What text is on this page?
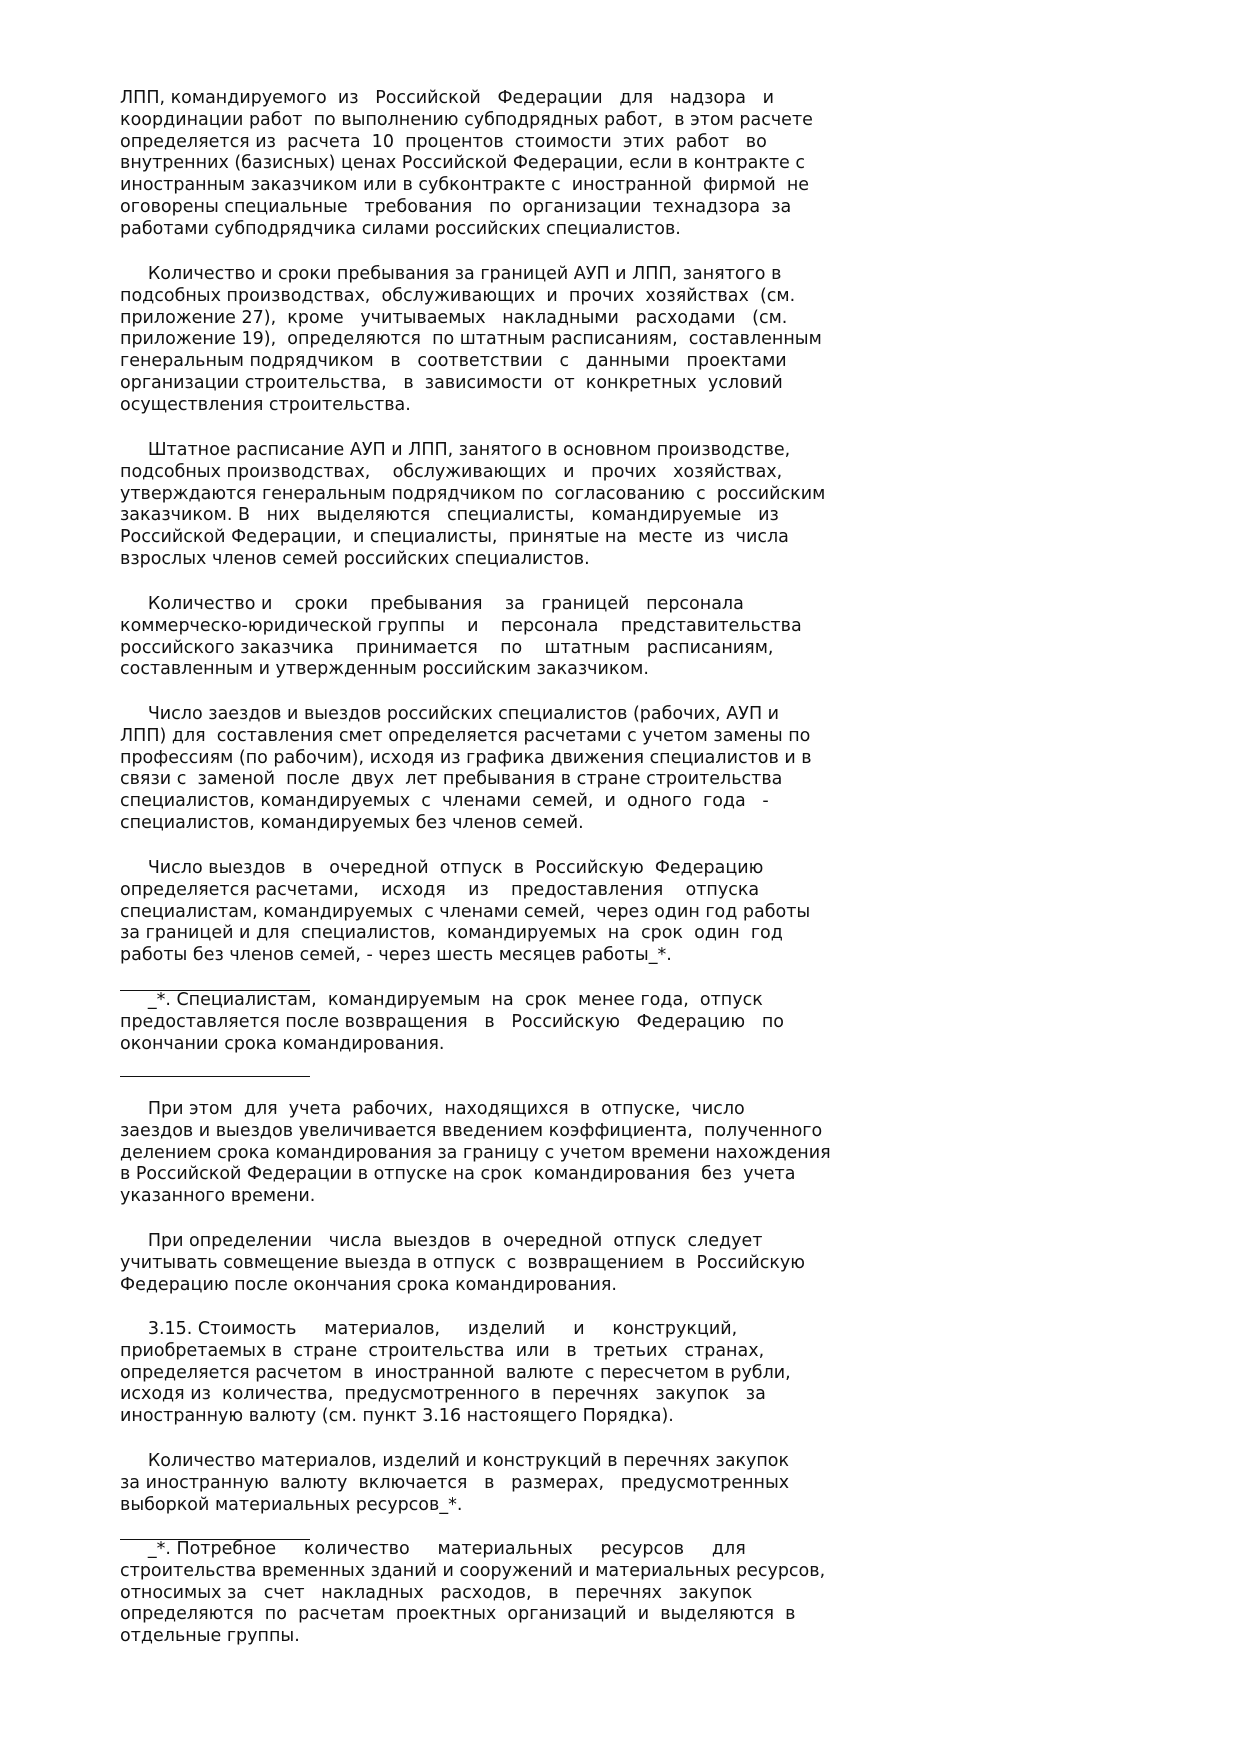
ЛПП, командируемого  из   Российской   Федерации   для   надзора   и
координации работ  по выполнению субподрядных работ,  в этом расчете
определяется из  расчета  10  процентов  стоимости  этих  работ   во
внутренних (базисных) ценах Российской Федерации, если в контракте с
иностранным заказчиком или в субконтракте с  иностранной  фирмой  не
оговорены специальные   требования   по  организации  технадзора  за
работами субподрядчика силами российских специалистов.
Количество и сроки пребывания за границей АУП и ЛПП, занятого в
подсобных производствах,  обслуживающих  и  прочих  хозяйствах  (см.
приложение 27),  кроме   учитываемых   накладными   расходами   (см.
приложение 19),  определяются  по штатным расписаниям,  составленным
генеральным подрядчиком   в   соответствии   с   данными   проектами
организации строительства,   в  зависимости  от  конкретных  условий
осуществления строительства.
Штатное расписание АУП и ЛПП, занятого в основном производстве,
подсобных производствах,    обслуживающих   и   прочих   хозяйствах,
утверждаются генеральным подрядчиком по  согласованию  с  российским
заказчиком. В   них   выделяются   специалисты,   командируемые   из
Российской Федерации,  и специалисты,  принятые на  месте  из  числа
взрослых членов семей российских специалистов.
Количество и    сроки    пребывания    за   границей   персонала
коммерческо-юридической группы    и    персонала    представительства
российского заказчика    принимается    по    штатным   расписаниям,
составленным и утвержденным российским заказчиком.
Число заездов и выездов российских специалистов (рабочих, АУП и
ЛПП) для  составления смет определяется расчетами с учетом замены по
профессиям (по рабочим), исходя из графика движения специалистов и в
связи с  заменой  после  двух  лет пребывания в стране строительства
специалистов, командируемых  с  членами  семей,  и  одного  года   -
специалистов, командируемых без членов семей.
Число выездов   в   очередной  отпуск  в  Российскую  Федерацию
определяется расчетами,    исходя    из    предоставления    отпуска
специалистам, командируемых  с членами семей,  через один год работы
за границей и для  специалистов,  командируемых  на  срок  один  год
работы без членов семей, - через шесть месяцев работы_*.
_*. Специалистам,  командируемым  на  срок  менее года,  отпуск
предоставляется после возвращения   в   Российскую   Федерацию   по
окончании срока командирования.
При этом  для  учета  рабочих,  находящихся  в  отпуске,  число
заездов и выездов увеличивается введением коэффициента,  полученного
делением срока командирования за границу с учетом времени нахождения
в Российской Федерации в отпуске на срок  командирования  без  учета
указанного времени.
При определении   числа  выездов  в  очередной  отпуск  следует
учитывать совмещение выезда в отпуск  с  возвращением  в  Российскую
Федерацию после окончания срока командирования.
3.15. Стоимость     материалов,     изделий     и     конструкций,
приобретаемых в  стране  строительства  или   в   третьих   странах,
определяется расчетом  в  иностранной  валюте  с пересчетом в рубли,
исходя из  количества,  предусмотренного  в  перечнях   закупок   за
иностранную валюту (см. пункт 3.16 настоящего Порядка).
Количество материалов, изделий и конструкций в перечнях закупок
за иностранную  валюту  включается   в   размерах,   предусмотренных
выборкой материальных ресурсов_*.
_*. Потребное     количество     материальных     ресурсов     для
строительства временных зданий и сооружений и материальных ресурсов,
относимых за   счет   накладных   расходов,   в   перечнях   закупок
определяются  по  расчетам  проектных  организаций  и  выделяются  в
отдельные группы.
